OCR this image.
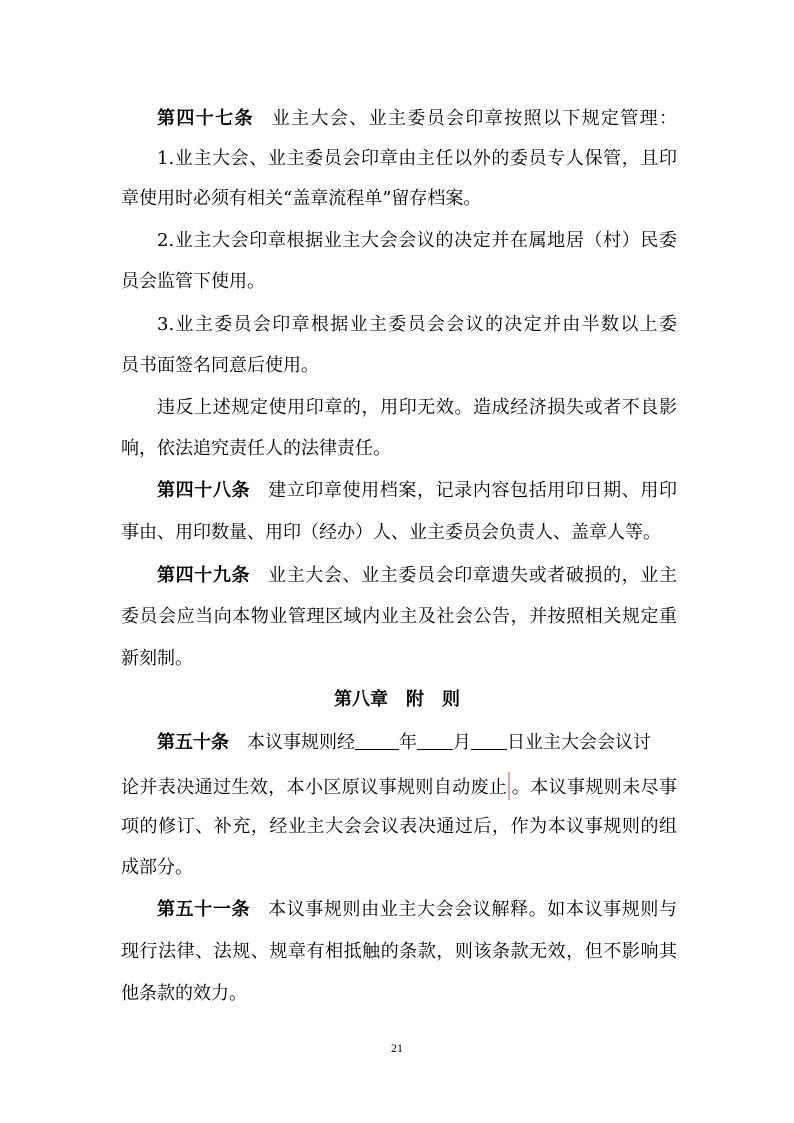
第四十七条 业主大会、业主委员会印章按照以下规定管理：
1.业主大会、业主委员会印章由主任以外的委员专人保管，且印
章使用时必须有相关“盖章流程单”留存档案。
2.业主大会印章根据业主大会会议的决定并在属地居（村）民委
员会监管下使用。
3.业主委员会印章根据业主委员会会议的决定并由半数以上委
员书面签名同意后使用。
违反上述规定使用印章的，用印无效。造成经济损失或者不良影
响，依法追究责任人的法律责任。
第四十八条 建立印章使用档案，记录内容包括用印日期、用印
事由、用印数量、用印（经办）人、业主委员会负责人、盖章人等。
第四十九条 业主大会、业主委员会印章遗失或者破损的，业主
委员会应当向本物业管理区域内业主及社会公告，并按照相关规定重
新刻制。
第八章　附　则
第五十条 本议事规则经 年 月 日业主大会会议讨
论并表决通过生效，本小区原议事规则自动废止 。本议事规则未尽事
项的修订、补充，经业主大会会议表决通过后，作为本议事规则的组
成部分。
第五十一条 本议事规则由业主大会会议解释。如本议事规则与
现行法律、法规、规章有相抵触的条款，则该条款无效，但不影响其
他条款的效力。
21
